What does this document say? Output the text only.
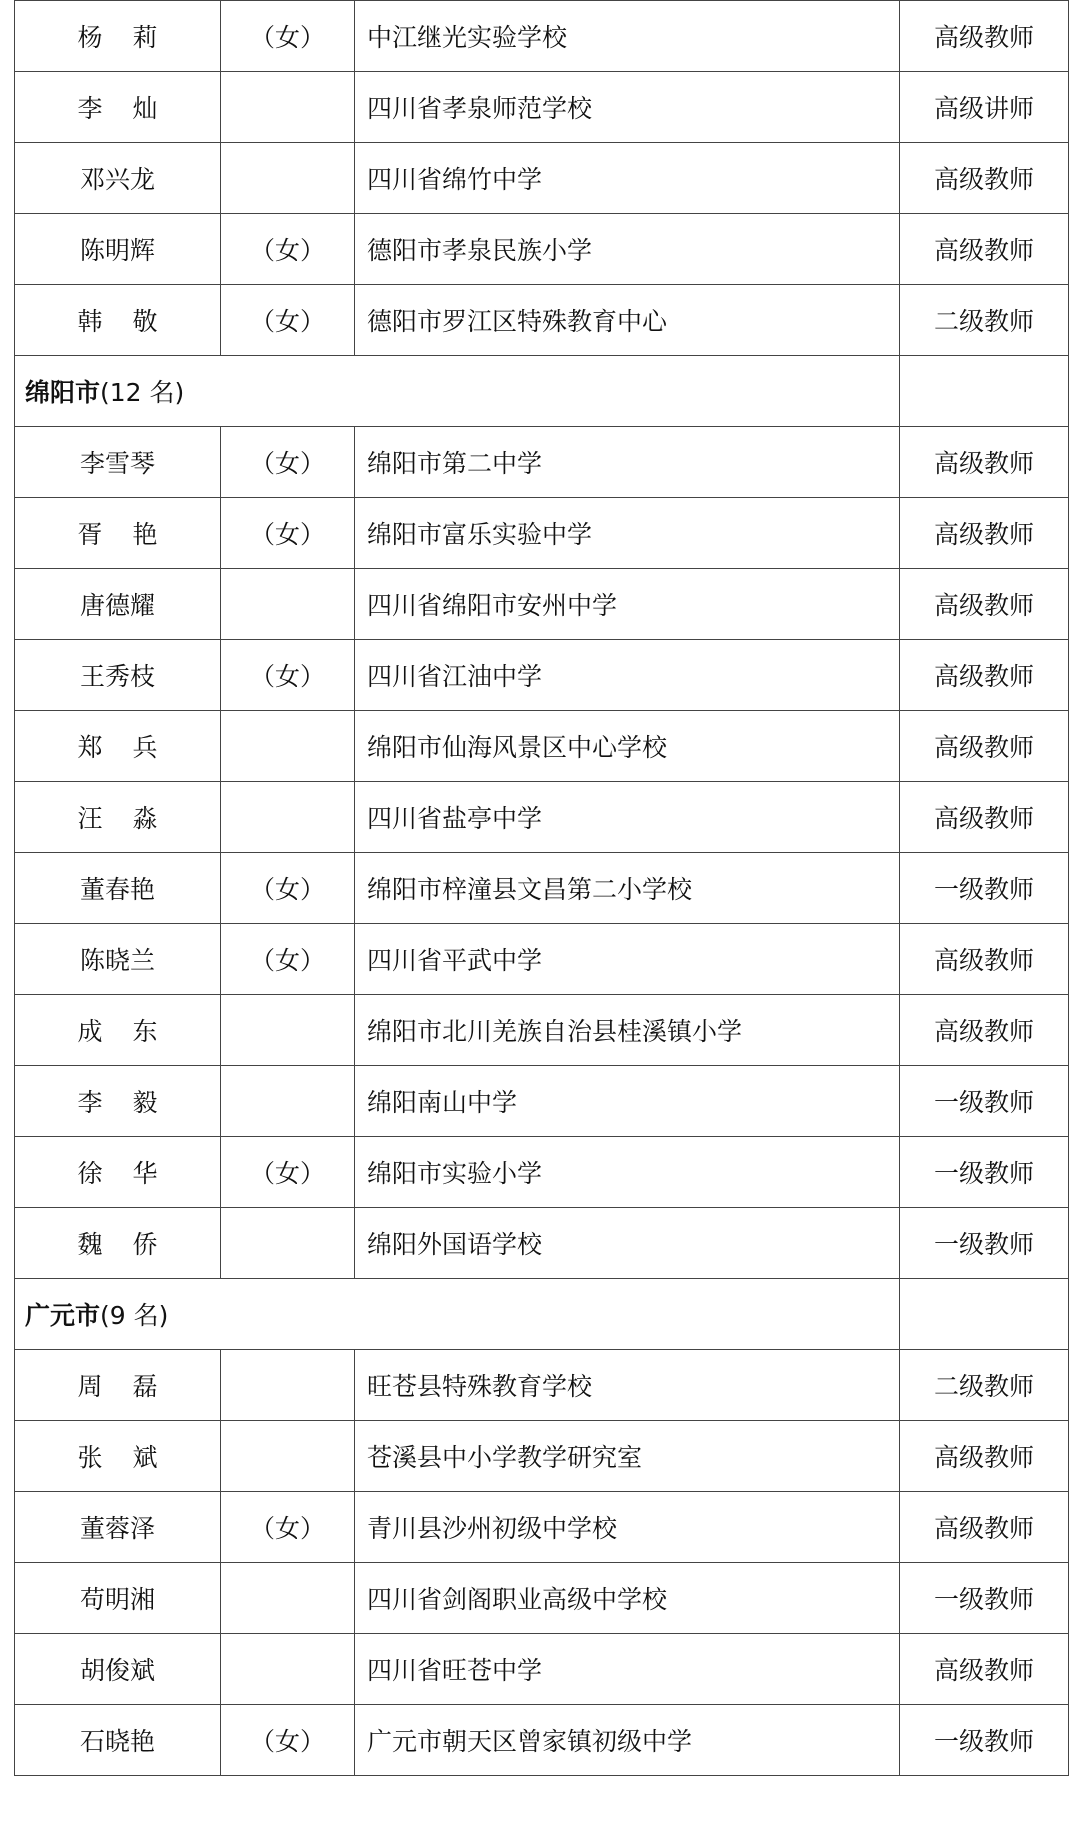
杨莉	（女）	中江继光实验学校	高级教师
李灿		四川省孝泉师范学校	高级讲师
邓兴龙		四川省绵竹中学	高级教师
陈明辉	（女）	德阳市孝泉民族小学	高级教师
韩敬	（女）	德阳市罗江区特殊教育中心	二级教师
绵阳市(12 名)			
李雪琴	（女）	绵阳市第二中学	高级教师
胥艳	（女）	绵阳市富乐实验中学	高级教师
唐德耀		四川省绵阳市安州中学	高级教师
王秀枝	（女）	四川省江油中学	高级教师
郑兵		绵阳市仙海风景区中心学校	高级教师
汪淼		四川省盐亭中学	高级教师
董春艳	（女）	绵阳市梓潼县文昌第二小学校	一级教师
陈晓兰	（女）	四川省平武中学	高级教师
成东		绵阳市北川羌族自治县桂溪镇小学	高级教师
李毅		绵阳南山中学	一级教师
徐华	（女）	绵阳市实验小学	一级教师
魏侨		绵阳外国语学校	一级教师
广元市(9 名)			
周磊		旺苍县特殊教育学校	二级教师
张斌		苍溪县中小学教学研究室	高级教师
董蓉泽	（女）	青川县沙州初级中学校	高级教师
苟明湘		四川省剑阁职业高级中学校	一级教师
胡俊斌		四川省旺苍中学	高级教师
石晓艳	（女）	广元市朝天区曾家镇初级中学	一级教师
